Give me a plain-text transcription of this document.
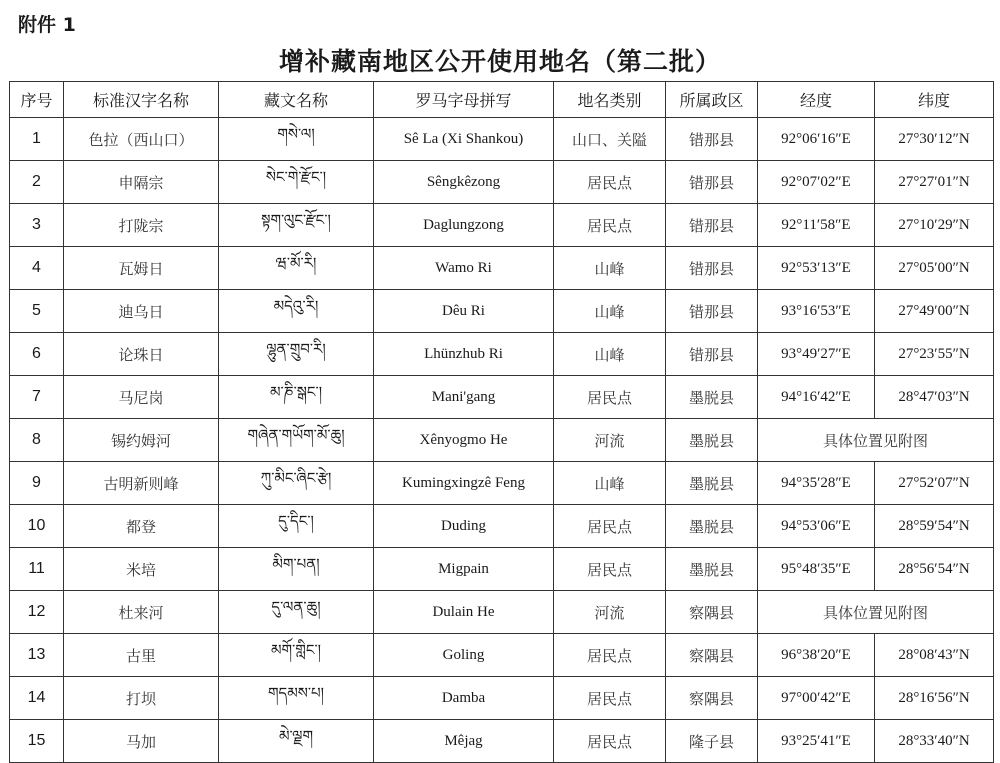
附件 1
增补藏南地区公开使用地名（第二批）
序号	标准汉字名称	藏文名称	罗马字母拼写	地名类别	所属政区	经度	纬度
1	色拉（西山口）	གསེ་ལ།	Sê La (Xi Shankou)	山口、关隘	错那县	92°06′16″E	27°30′12″N
2	申隔宗	སེང་གེ་རྫོང་།	Sêngkêzong	居民点	错那县	92°07′02″E	27°27′01″N
3	打陇宗	སྟག་ལུང་རྫོང་།	Daglungzong	居民点	错那县	92°11′58″E	27°10′29″N
4	瓦姆日	ཝ་མོ་རི།	Wamo Ri	山峰	错那县	92°53′13″E	27°05′00″N
5	迪乌日	མདེའུ་རི།	Dêu Ri	山峰	错那县	93°16′53″E	27°49′00″N
6	论珠日	ལྷུན་གྲུབ་རི།	Lhünzhub Ri	山峰	错那县	93°49′27″E	27°23′55″N
7	马尼岗	མ་ཎི་སྒང་།	Mani'gang	居民点	墨脱县	94°16′42″E	28°47′03″N
8	锡约姆河	གཞེན་གཡོག་མོ་ཆུ།	Xênyogmo He	河流	墨脱县	具体位置见附图	
9	古明新则峰	ཀུ་མིང་ཞིང་རྩེ།	Kumingxingzê Feng	山峰	墨脱县	94°35′28″E	27°52′07″N
10	都登	དུ་དིང་།	Duding	居民点	墨脱县	94°53′06″E	28°59′54″N
11	米培	མིག་པན།	Migpain	居民点	墨脱县	95°48′35″E	28°56′54″N
12	杜来河	དུ་ལན་ཆུ།	Dulain He	河流	察隅县	具体位置见附图	
13	古里	མགོ་གླིང་།	Goling	居民点	察隅县	96°38′20″E	28°08′43″N
14	打坝	གདམས་པ།	Damba	居民点	察隅县	97°00′42″E	28°16′56″N
15	马加	མེ་ལྗག	Mêjag	居民点	隆子县	93°25′41″E	28°33′40″N
